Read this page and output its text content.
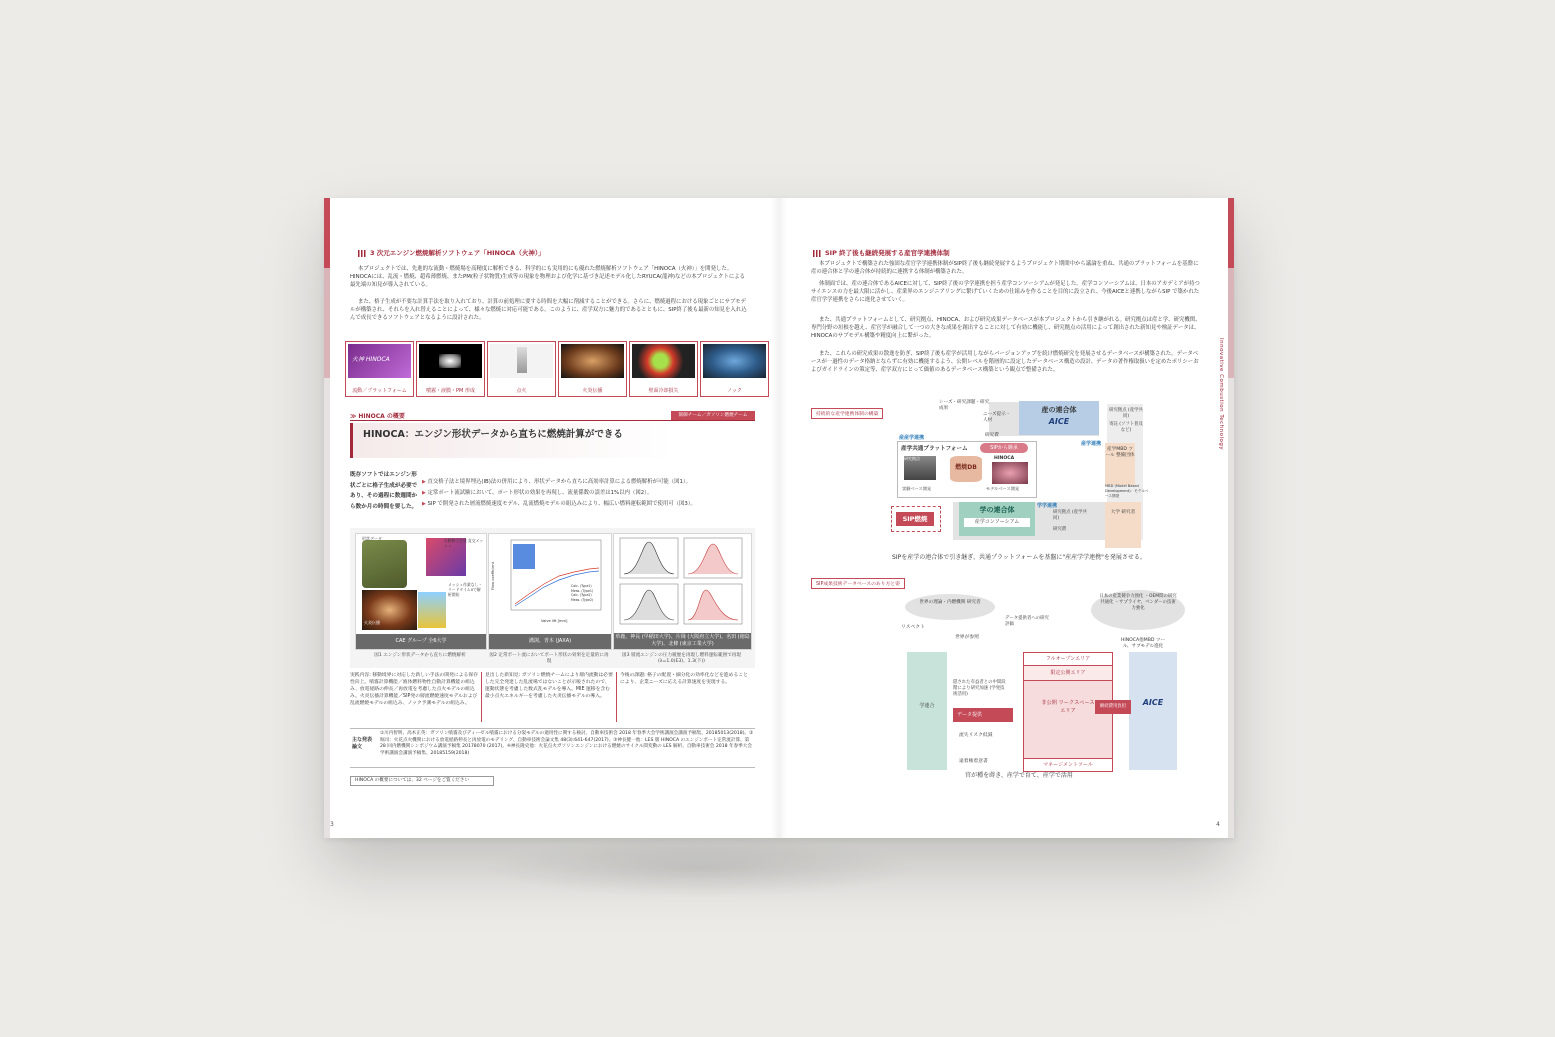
3 次元エンジン燃焼解析ソフトウェア「HINOCA（火神）」
本プロジェクトでは、先進的な流動・燃焼場を高精度に解析できる、科学的にも実用的にも優れた燃焼解析ソフトウェア「HINOCA（火神）」を開発した。HINOCAには、乱流・燃焼、超希薄燃焼、またPM(粒子状物質)生成等の現象を物理および化学に基づき記述モデル化したRYUCA(龍神)などの本プロジェクトによる最先端の知見が導入されている。
また、格子生成が不要な計算手法を取り入れており、計算の前処理に要する時間を大幅に削減することができる。さらに、燃焼過程における現象ごとにサブモデルが構築され、それらを入れ替えることによって、様々な燃焼に対応可能である。このように、産学双方に魅力的であるとともに、SIP終了後も最新の知見を入れ込んで成長できるソフトウェアとなるように設計された。
火神 HINOCA
流動／プラットフォーム	噴霧・液膜・PM 形成	点火	火炎伝播	壁面冷却損失	ノック
≫ HINOCA の概要	制御チーム／ガソリン燃焼チーム
HINOCA：エンジン形状データから直ちに燃焼計算ができる
既存ソフトではエンジン形状ごとに格子生成が必要であり、その過程に数週間から数か月の時間を要した。
▶ 直交格子法と境界埋込(IB)法の併用により、形状データから直ちに高効率計算による燃焼解析が可能（図1）。
▶ 定常ポート流試験において、ポート形状の効果を再現し、流量係数の誤差は1%以内（図2）。
▶ SIP で開発された層流燃焼速度モデル、乱流燃焼モデルの組込みにより、幅広い燃料運転範囲で使用可（図3）。
形状データ	自動格子生成 直交メッシュ
メッシュ作業なし・リードタイム0で解析開始
火炎伝播
CAE グループ 全6大学
Flow coefficient
Valve lift [mm]
Calc. (Type1)
Meas. (Type1)
Calc. (Type2)
Meas. (Type2)
溝渕、青木 (JAXA)
草鹿、神長 (早稲田大学)、片岡 (大阪府立大学)、名田 (徳島大学)、北條 (東京工業大学)
図1 エンジン形状データから直ちに燃焼解析	図2 定常ポート流においてポート形状の効果を定量的に再現
図3 層流エンジンの圧力履歴を再現し燃料運転範囲で再現(λ=1.0(E3)、1.3(下))
実践内容: 移動境界に対応した新しい手法の開発による保存性向上。噴霧計算機能／液体燃料物性自動計算機能の組込み、放電経路の伸長／再放電を考慮した点火モデルの組込み。火炎伝播計算機能／SIP発の層流燃焼速度モデルおよび乱流燃焼モデルの組込み、ノック予測モデルの組込み。
見出した新知見: ガソリン燃焼チームにより層内流動は必要した完全発達した乱流場ではないことが示唆されたので、運動状態を考慮した数式乱モデルを導入。MIE 運移を含む最小点火エネルギーを考慮した火炎伝播モデルの導入。
今後の課題: 格子の配置・細分化の効率化などを進めることにより、企業ニーズに応える計算速度を実現する。
主な発表論文
①川内智明、高木正英：ガソリン噴霧及びディーゼル噴霧における分裂モデルの適用性に関する検討、自動車技術会 2018 年春季大会学術講演会講演予稿集、20185013(2018)。②堀司：火花点火機関における放電経路伸長と再放電のモデリング、自動車技術会論文集 48(3):641-647(2017)。③神長健一他：LES 版 HINOCA のエンジンポート定常流計算、第 28 回内燃機関シンポジウム講演予稿集 20178070 (2017)。④神長隆史他：火花点火ガソリンエンジンにおける燃焼のサイクル間変動の LES 解析、自動車技術会 2018 年春季大会学術講演会講演予稿集、20185159(2018)
HINOCA の概要については、32 ページをご覧ください
3
SIP 終了後も継続発展する産官学連携体制
本プロジェクトで構築された強固な産官学学連携体制がSIP終了後も継続発展するようプロジェクト期間中から議論を重ね、共通のプラットフォームを基盤に産の連合体と学の連合体が持続的に連携する体制が構築された。
体制面では、産の連合体であるAICEに対して、SIP終了後の学学連携を担う産学コンソーシアムが発足した。産学コンソーシアムは、日本のアカデミアが持つサイエンスの力を最大限に活かし、産業界のエンジニアリングに繋げていくための仕組みを作ることを目的に設立され、今後AICEと連携しながらSIP で築かれた産官学学連携をさらに進化させていく。
また、共通プラットフォームとして、研究拠点、HINOCA、および研究成果データベースが本プロジェクトから引き継がれる。研究拠点は産と学、研究機関、専門分野の垣根を越え、産官学が融合して一つの大きな成果を創出することに対して有効に機能し、研究拠点の活用によって創出された新知見や検証データは、HINOCAのサブモデル構築や精度向上に繋がった。
また、これらの研究成果の散逸を防ぎ、SIP終了後も産学が活用しながらバージョンアップを続け燃焼研究を発展させるデータベースが構築された。データベースが一過性のデータ格納とならずに有効に機能するよう、公開レベルを階層的に設定したデータベース構造の設計、データの著作権取扱いを定めたポリシーおよびガイドラインの策定等、産学双方にとって価値のあるデータベース構築という観点で整備された。	Innovative Combustion Technology
持続的な産学連携体制の構築
産の連合体
AICE
シーズ・研究課題・研究成果
ニーズ提示・人材
研究費
研究拠点 (産学共同)
寄託 (ソフト普及など)
産学MBD ツール 整備団体
MBD (Model Based Development)：モデルベース開発
産産学連携
産学連携
産学共通プラットフォーム	SIPから継承
研究拠点
燃焼DB
HINOCA
実験ベース開発	モデルベース開発
SIP燃焼
学の連合体
産学コンソーシアム
学学連携
研究拠点 (産学共同)
研究費
大学 研究者
SIPを産学の連合体で引き継ぎ、共通プラットフォームを基盤に"産産学学連携"を発展させる。
SIP成果技術データベースのあり方と姿
世界の理論・内燃機関 研究者
日本の産業競争力強化 ・OEM間の研究共通化 ・サプライヤ、ベンダーの技術力強化
リスペクト
世界が参照
データ提供者への研究評価
HINOCA他MBD ツール、サブモデル進化
学連合
フルオープンエリア
限定公開エリア
非公開 ワークスペース エリア
マネージメントツール
隠された有益者との中間段階により研究加速 (学発技術活用)
データ提供
流失リスク低減
遠着権着意書
AICE
継続費用負担
官が種を蒔き、産学で育て、産学で活用
4
